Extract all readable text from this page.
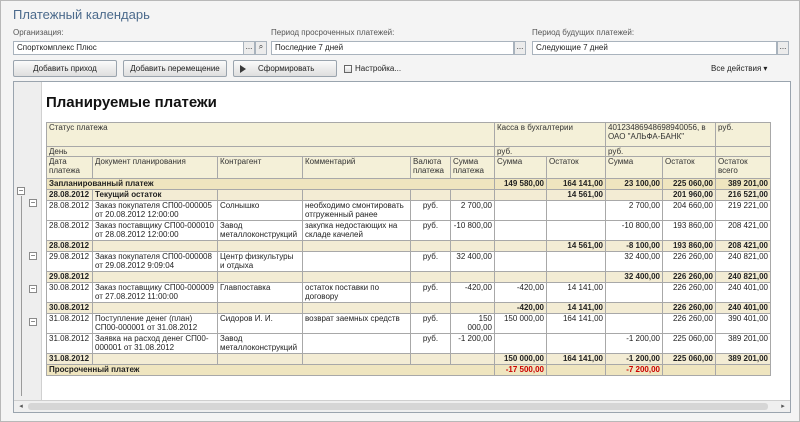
Платежный календарь
Организация:
Спорткомплекс Плюс	... ⌕
Период просроченных платежей:
Последние 7 дней	...
Период будущих платежей:
Следующие 7 дней	...
Добавить приход	Добавить перемещение	Сформировать	Настройка...	Все действия ▾
−
−
−
−
−
Планируемые платежи
Статус платежа						Касса в бухгалтерии		40123486948698940056, в ОАО "АЛЬФА-БАНК"		руб.
День						руб.		руб.		
Дата платежа	Документ планирования	Контрагент	Комментарий	Валюта платежа	Сумма платежа	Сумма	Остаток	Сумма	Остаток	Остаток всего
Запланированный платеж						149 580,00	164 141,00	23 100,00	225 060,00	389 201,00
28.08.2012	Текущий остаток						14 561,00		201 960,00	216 521,00
28.08.2012	Заказ покупателя СП00-000005 от 20.08.2012 12:00:00	Солнышко	необходимо смонтировать отгруженный ранее	руб.	2 700,00			2 700,00	204 660,00	219 221,00
28.08.2012	Заказ поставщику СП00-000010 от 28.08.2012 12:00:00	Завод металлоконструкций	закупка недостающих на складе качелей	руб.	-10 800,00			-10 800,00	193 860,00	208 421,00
28.08.2012							14 561,00	-8 100,00	193 860,00	208 421,00
29.08.2012	Заказ покупателя СП00-000008 от 29.08.2012 9:09:04	Центр физкультуры и отдыха		руб.	32 400,00			32 400,00	226 260,00	240 821,00
29.08.2012								32 400,00	226 260,00	240 821,00
30.08.2012	Заказ поставщику СП00-000009 от 27.08.2012 11:00:00	Главпоставка	остаток поставки по договору	руб.	-420,00	-420,00	14 141,00		226 260,00	240 401,00
30.08.2012						-420,00	14 141,00		226 260,00	240 401,00
31.08.2012	Поступление денег (план) СП00-000001 от 31.08.2012	Сидоров И. И.	возврат заемных средств	руб.	150 000,00	150 000,00	164 141,00		226 260,00	390 401,00
31.08.2012	Заявка на расход денег СП00-000001 от 31.08.2012	Завод металлоконструкций		руб.	-1 200,00			-1 200,00	225 060,00	389 201,00
31.08.2012						150 000,00	164 141,00	-1 200,00	225 060,00	389 201,00
Просроченный платеж						-17 500,00		-7 200,00		
◂	▸
